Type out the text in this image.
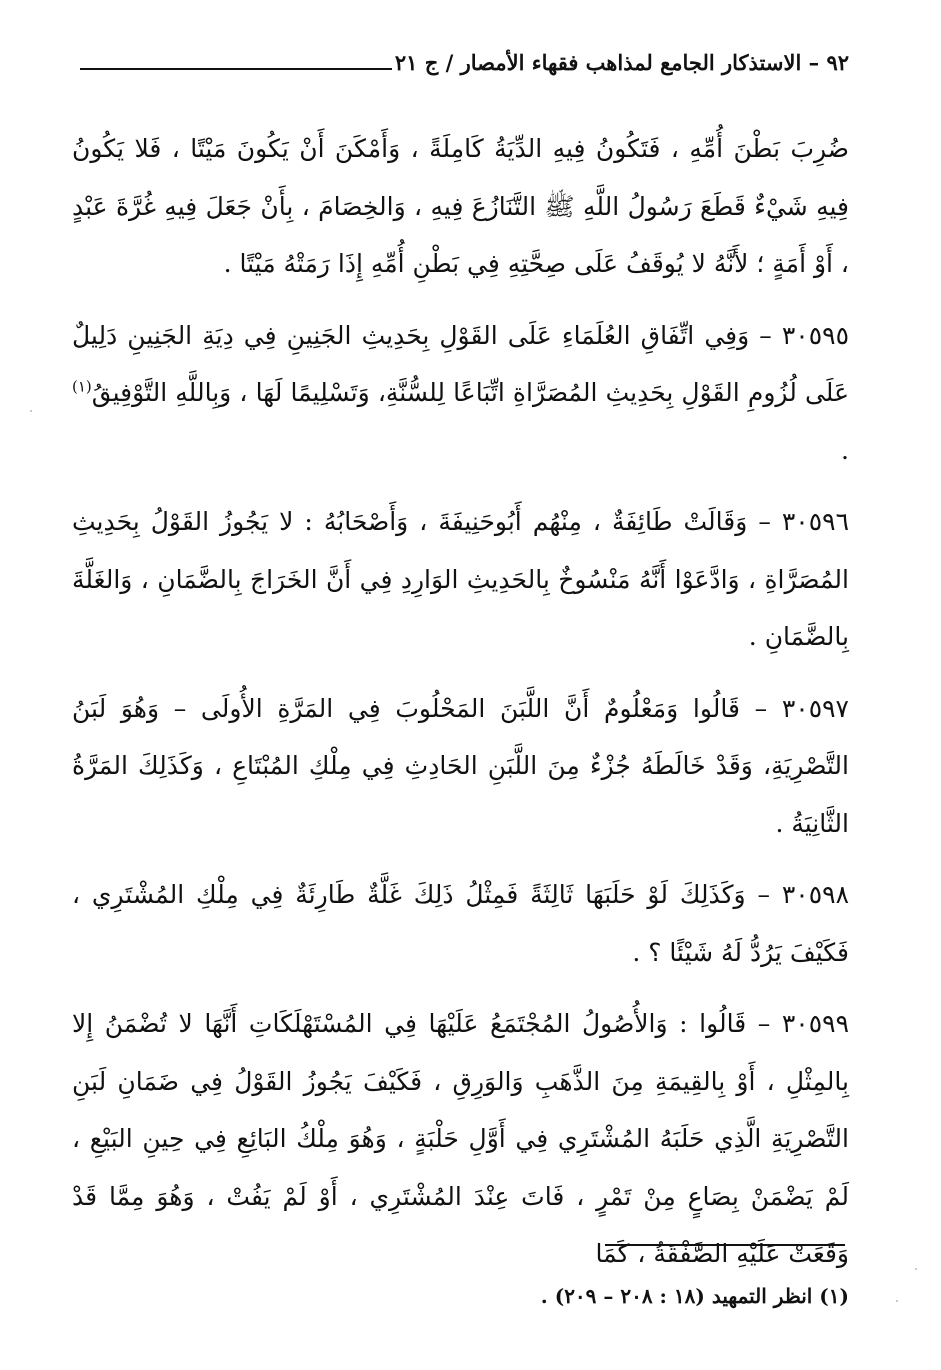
٩٢ – الاستذكار الجامع لمذاهب فقهاء الأمصار / ج ٢١

ضُرِبَ بَطْنَ أُمِّهِ ، فَتَكُونُ فِيهِ الدِّيَةُ كَامِلَةً ، وَأَمْكَنَ أَنْ يَكُونَ مَيْتًا ، فَلا يَكُونُ فِيهِ شَيْءٌ قَطَعَ رَسُولُ اللَّهِ ﷺ التَّنَازُعَ فِيهِ ، وَالخِصَامَ ، بِأَنْ جَعَلَ فِيهِ غُرَّةَ عَبْدٍ ، أَوْ أَمَةٍ ؛ لأَنَّهُ لا يُوقَفُ عَلَى صِحَّتِهِ فِي بَطْنِ أُمِّهِ إِذَا رَمَتْهُ مَيْتًا .

٣٠٥٩٥ – وَفِي اتِّفَاقِ العُلَمَاءِ عَلَى القَوْلِ بِحَدِيثِ الجَنِينِ فِي دِيَةِ الجَنِينِ دَلِيلٌ عَلَى لُزُومِ القَوْلِ بِحَدِيثِ المُصَرَّاةِ اتِّبَاعًا لِلسُّنَّةِ، وَتَسْلِيمًا لَهَا ، وَبِاللَّهِ التَّوْفِيقُ$^{(١)}$ .

٣٠٥٩٦ – وَقَالَتْ طَائِفَةٌ ، مِنْهُم أَبُوحَنِيفَةَ ، وَأَصْحَابُهُ : لا يَجُوزُ القَوْلُ بِحَدِيثِ المُصَرَّاةِ ، وَادَّعَوْا أَنَّهُ مَنْسُوخٌ بِالحَدِيثِ الوَارِدِ فِي أَنَّ الخَرَاجَ بِالضَّمَانِ ، وَالغَلَّةَ بِالضَّمَانِ .

٣٠٥٩٧ – قَالُوا وَمَعْلُومٌ أَنَّ اللَّبَنَ المَحْلُوبَ فِي المَرَّةِ الأُولَى – وَهُوَ لَبَنُ التَّصْرِيَةِ، وَقَدْ خَالَطَهُ جُزْءٌ مِنَ اللَّبَنِ الحَادِثِ فِي مِلْكِ المُبْتَاعِ ، وَكَذَلِكَ المَرَّةُ الثَّانِيَةُ .

٣٠٥٩٨ – وَكَذَلِكَ لَوْ حَلَبَهَا ثَالِثَةً فَمِثْلُ ذَلِكَ غَلَّةٌ طَارِئَةٌ فِي مِلْكِ المُشْتَرِي ، فَكَيْفَ يَرُدُّ لَهُ شَيْئًا ؟ .

٣٠٥٩٩ – قَالُوا : وَالأُصُولُ المُجْتَمَعُ عَلَيْهَا فِي المُسْتَهْلَكَاتِ أَنَّهَا لا تُضْمَنُ إِلا بِالمِثْلِ ، أَوْ بِالقِيمَةِ مِنَ الذَّهَبِ وَالوَرِقِ ، فَكَيْفَ يَجُوزُ القَوْلُ فِي ضَمَانِ لَبَنِ التَّصْرِيَةِ الَّذِي حَلَبَهُ المُشْتَرِي فِي أَوَّلِ حَلْبَةٍ ، وَهُوَ مِلْكُ البَائِعِ فِي حِينِ البَيْعِ ، لَمْ يَضْمَنْ بِصَاعٍ مِنْ تَمْرٍ ، فَاتَ عِنْدَ المُشْتَرِي ، أَوْ لَمْ يَفُتْ ، وَهُوَ مِمَّا قَدْ وَقَعَتْ عَلَيْهِ الصَّفْقَةُ ، كَمَا

(١) انظر التمهيد (١٨ : ٢٠٨ – ٢٠٩) .
